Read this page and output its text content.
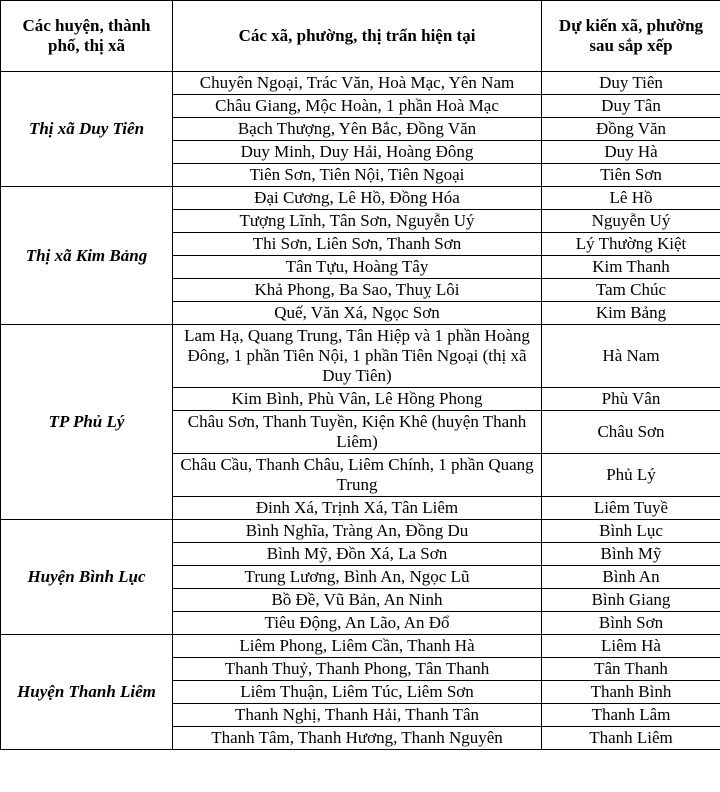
Các huyện, thành phố, thị xã	Các xã, phường, thị trấn hiện tại	Dự kiến xã, phường sau sắp xếp
Thị xã Duy Tiên	Chuyên Ngoại, Trác Văn, Hoà Mạc, Yên Nam	Duy Tiên
	Châu Giang, Mộc Hoàn, 1 phần Hoà Mạc	Duy Tân
	Bạch Thượng, Yên Bắc, Đồng Văn	Đồng Văn
	Duy Minh, Duy Hải, Hoàng Đông	Duy Hà
	Tiên Sơn, Tiên Nội, Tiên Ngoại	Tiên Sơn
Thị xã Kim Bảng	Đại Cương, Lê Hồ, Đồng Hóa	Lê Hồ
	Tượng Lĩnh, Tân Sơn, Nguyễn Uý	Nguyễn Uý
	Thi Sơn, Liên Sơn, Thanh Sơn	Lý Thường Kiệt
	Tân Tựu, Hoàng Tây	Kim Thanh
	Khả Phong, Ba Sao, Thuỵ Lôi	Tam Chúc
	Quế, Văn Xá, Ngọc Sơn	Kim Bảng
TP Phủ Lý	Lam Hạ, Quang Trung, Tân Hiệp và 1 phần Hoàng Đông, 1 phần Tiên Nội, 1 phần Tiên Ngoại (thị xã Duy Tiên)	Hà Nam
	Kim Bình, Phù Vân, Lê Hồng Phong	Phù Vân
	Châu Sơn, Thanh Tuyền, Kiện Khê (huyện Thanh Liêm)	Châu Sơn
	Châu Cầu, Thanh Châu, Liêm Chính, 1 phần Quang Trung	Phủ Lý
	Đinh Xá, Trịnh Xá, Tân Liêm	Liêm Tuyề
Huyện Bình Lục	Bình Nghĩa, Tràng An, Đồng Du	Bình Lục
	Bình Mỹ, Đồn Xá, La Sơn	Bình Mỹ
	Trung Lương, Bình An, Ngọc Lũ	Bình An
	Bồ Đề, Vũ Bản, An Ninh	Bình Giang
	Tiêu Động, An Lão, An Đổ	Bình Sơn
Huyện Thanh Liêm	Liêm Phong, Liêm Cần, Thanh Hà	Liêm Hà
	Thanh Thuỷ, Thanh Phong, Tân Thanh	Tân Thanh
	Liêm Thuận, Liêm Túc, Liêm Sơn	Thanh Bình
	Thanh Nghị, Thanh Hải, Thanh Tân	Thanh Lâm
	Thanh Tâm, Thanh Hương, Thanh Nguyên	Thanh Liêm
